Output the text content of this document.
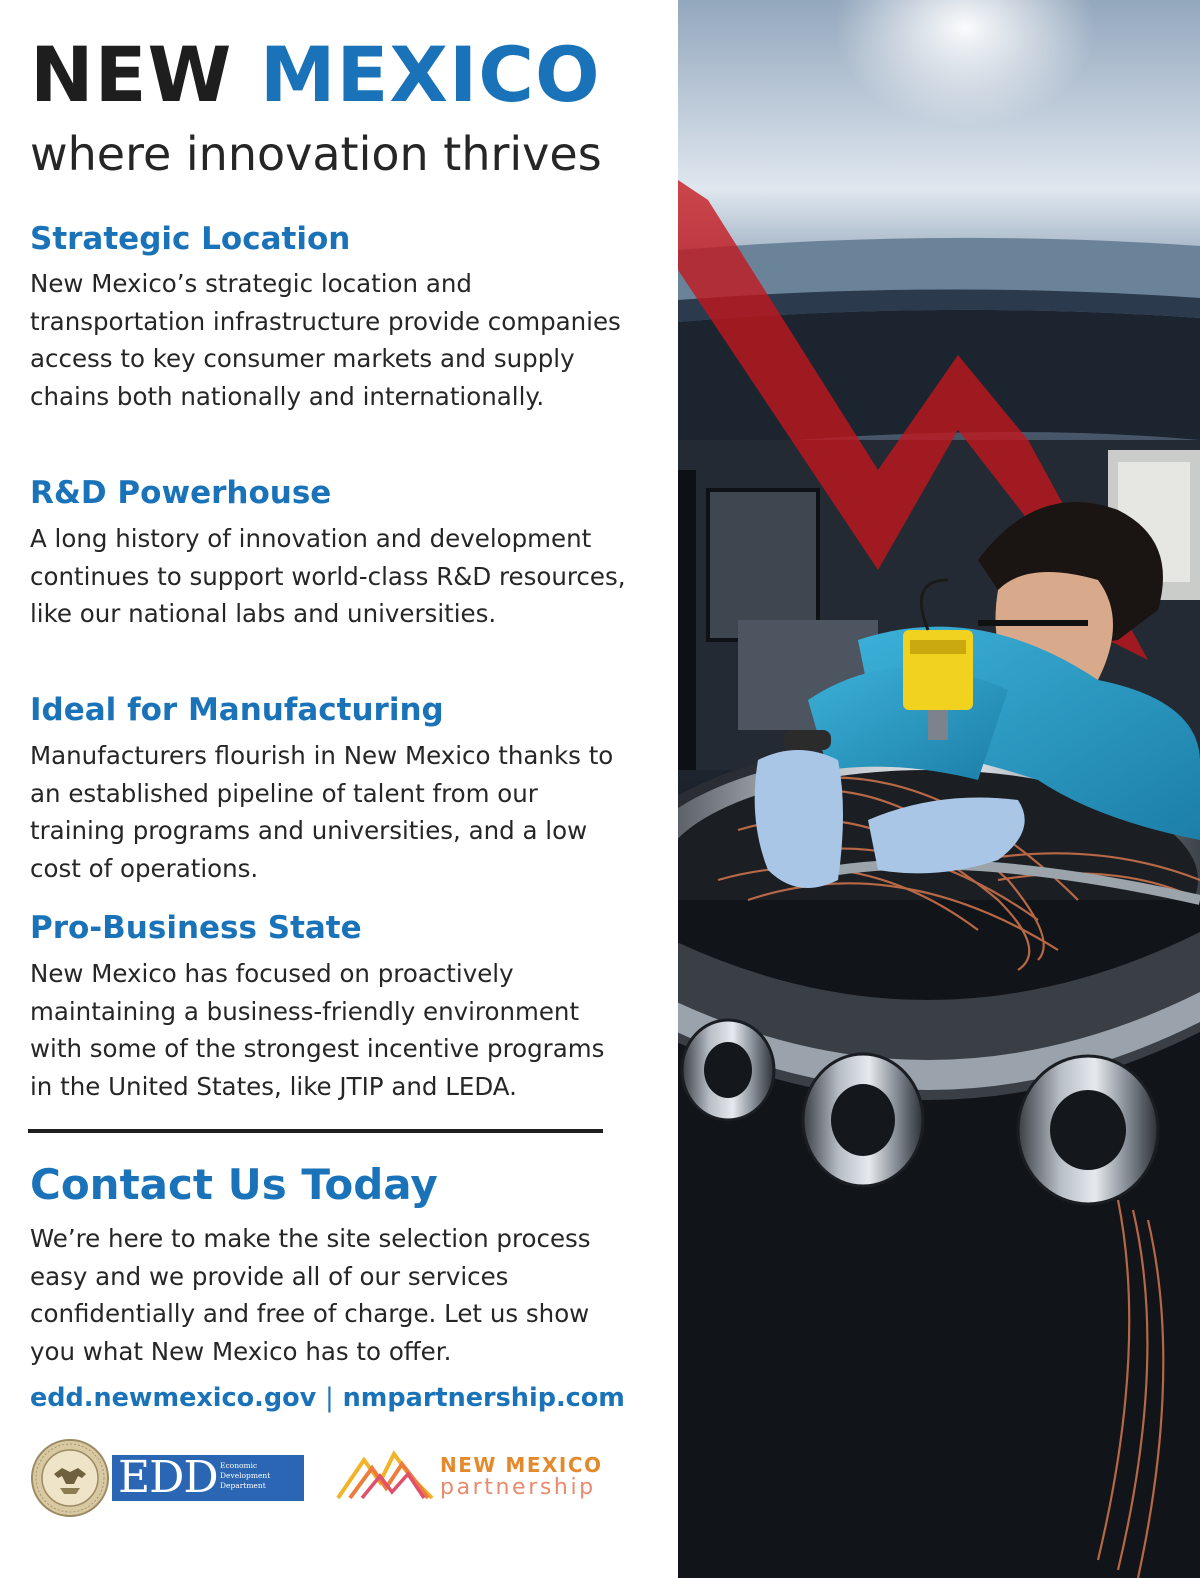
NEW MEXICO
where innovation thrives
Strategic Location

New Mexico’s strategic location and transportation infrastructure provide companies access to key consumer markets and supply chains both nationally and internationally.

R&D Powerhouse

A long history of innovation and development continues to support world-class R&D resources, like our national labs and universities.

Ideal for Manufacturing

Manufacturers flourish in New Mexico thanks to an established pipeline of talent from our training programs and universities, and a low cost of operations.

Pro-Business State

New Mexico has focused on proactively maintaining a business-friendly environment with some of the strongest incentive programs in the United States, like JTIP and LEDA.

Contact Us Today

We’re here to make the site selection process easy and we provide all of our services confidentially and free of charge. Let us show you what New Mexico has to offer.

edd.newmexico.gov | nmpartnership.com
EDD Economic
Development
Department
NEW MEXICO
partnership
